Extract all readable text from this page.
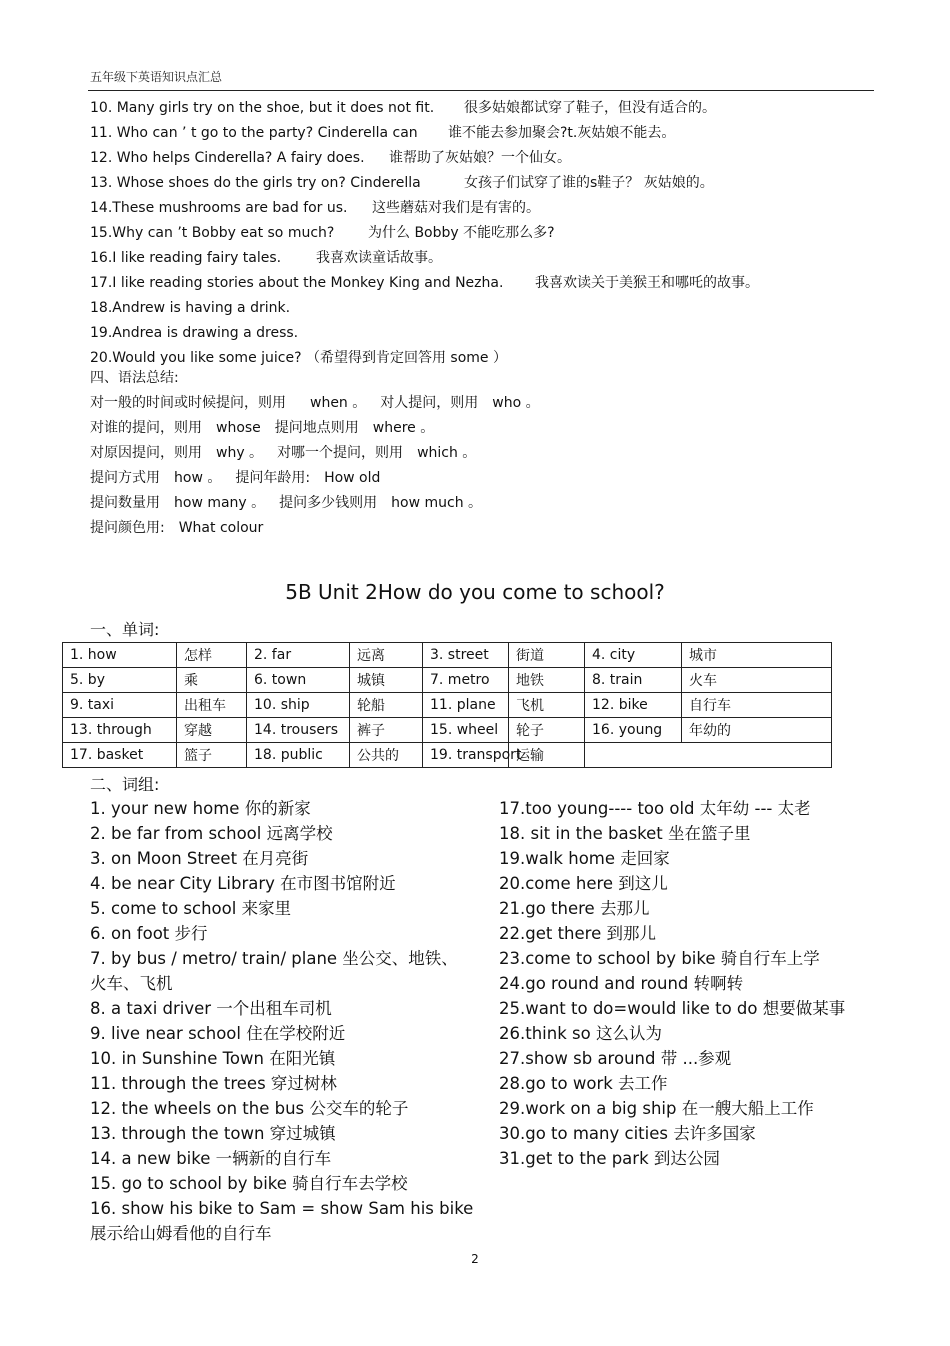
五年级下英语知识点汇总
10. Many girls try on the shoe, but it does not fit. 很多姑娘都试穿了鞋子，但没有适合的。
11. Who can ’ t go to the party? Cinderella can 谁不能去参加聚会?t.灰姑娘不能去。
12. Who helps Cinderella? A fairy does. 谁帮助了灰姑娘？一个仙女。
13. Whose shoes do the girls try on? Cinderella	女孩子们试穿了谁的s鞋子？ 灰姑娘的。
14.These mushrooms are bad for us. 这些蘑菇对我们是有害的。
15.Why can ’t Bobby eat so much? 为什么 Bobby 不能吃那么多?
16.I like reading fairy tales. 我喜欢读童话故事。
17.I like reading stories about the Monkey King and Nezha. 我喜欢读关于美猴王和哪吒的故事。
18.Andrew is having a drink.
19.Andrea is drawing a dress.
20.Would you like some juice? （希望得到肯定回答用 some ）
四、语法总结:
对一般的时间或时候提问，则用 when 。 对人提问，则用 who 。
对谁的提问，则用 whose 提问地点则用 where 。
对原因提问，则用 why 。 对哪一个提问，则用 which 。
提问方式用 how 。 提问年龄用: How old
提问数量用 how many 。 提问多少钱则用 how much 。
提问颜色用: What colour
5B Unit 2How do you come to school?
一、单词:
1. how	怎样	2. far	远离	3. street	街道	4. city	城市
5. by	乘	6. town	城镇	7. metro	地铁	8. train	火车
9. taxi	出租车	10. ship	轮船	11. plane	飞机	12. bike	自行车
13. through	穿越	14. trousers	裤子	15. wheel	轮子	16. young	年幼的
17. basket	篮子	18. public	公共的	19. transport	运输		
二、词组:
1. your new home 你的新家
2. be far from school 远离学校
3. on Moon Street 在月亮街
4. be near City Library 在市图书馆附近
5. come to school 来家里
6. on foot 步行
7. by bus / metro/ train/ plane 坐公交、地铁、
火车、飞机
8. a taxi driver 一个出租车司机
9. live near school 住在学校附近
10. in Sunshine Town 在阳光镇
11. through the trees 穿过树林
12. the wheels on the bus 公交车的轮子
13. through the town 穿过城镇
14. a new bike 一辆新的自行车
15. go to school by bike 骑自行车去学校
16. show his bike to Sam = show Sam his bike
展示给山姆看他的自行车
17.too young---- too old 太年幼 --- 太老
18. sit in the basket 坐在篮子里
19.walk home 走回家
20.come here 到这儿
21.go there 去那儿
22.get there 到那儿
23.come to school by bike 骑自行车上学
24.go round and round 转啊转
25.want to do=would like to do 想要做某事
26.think so 这么认为
27.show sb around 带 ...参观
28.go to work 去工作
29.work on a big ship 在一艘大船上工作
30.go to many cities 去许多国家
31.get to the park 到达公园
2
